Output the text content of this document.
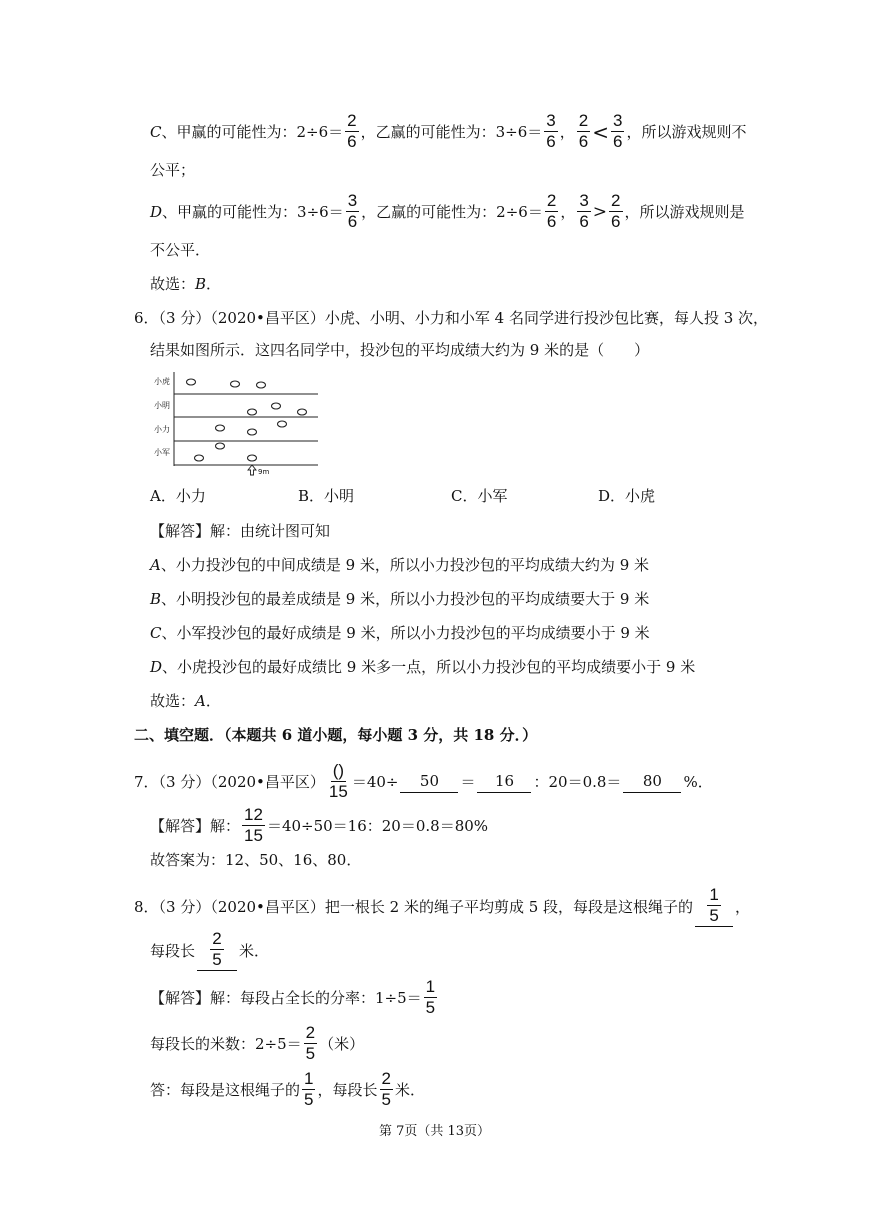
C 、甲赢的可能性为：$2\div 6= \frac{2}{6}$ ，乙赢的可能性为：$3\div 6= \frac{3}{6}$ ， $\frac{2}{6} < \frac{3}{6}$ ，所以游戏规则不
公平；
D 、甲赢的可能性为：$3\div 6= \frac{3}{6}$ ，乙赢的可能性为：$2\div 6= \frac{2}{6}$ ， $\frac{3}{6} > \frac{2}{6}$ ，所以游戏规则是
不公平．
故选： B ．
6．（3 分）（2020•昌平区）小虎、小明、小力和小军 4 名同学进行投沙包比赛，每人投 3 次，
结果如图所示．这四名同学中，投沙包的平均成绩大约为 9 米的是（　　）
小虎
小明
小力
小军
9m
A．小力	B．小明	C．小军	D．小虎
【解答】解：由统计图可知
A 、小力投沙包的中间成绩是 9 米，所以小力投沙包的平均成绩大约为 9 米
B 、小明投沙包的最差成绩是 9 米，所以小力投沙包的平均成绩要大于 9 米
C 、小军投沙包的最好成绩是 9 米，所以小力投沙包的平均成绩要小于 9 米
D 、小虎投沙包的最好成绩比 9 米多一点，所以小力投沙包的平均成绩要小于 9 米
故选： A ．
二、填空题．（本题共 6 道小题，每小题 3 分，共 18 分．）
7．（3 分）（2020•昌平区） $\frac{()}{15} =40\div$	50	＝	16	：20＝0.8＝	80	%．
【解答】解： $\frac{12}{15} =40\div 50=16$：20＝0.8＝80%
故答案为：12、50、16、80．
8．（3 分）（2020•昌平区）把一根长 2 米的绳子平均剪成 5 段，每段是这根绳子的 $\frac{1}{5}$ ，
每段长 $\frac{2}{5}$ 米．
【解答】解：每段占全长的分率：$1\div 5= \frac{1}{5}$
每段长的米数：$2\div 5= \frac{2}{5}$ （米）
答：每段是这根绳子的 $\frac{1}{5}$ ，每段长 $\frac{2}{5}$ 米．
第 7页（共 13页）
